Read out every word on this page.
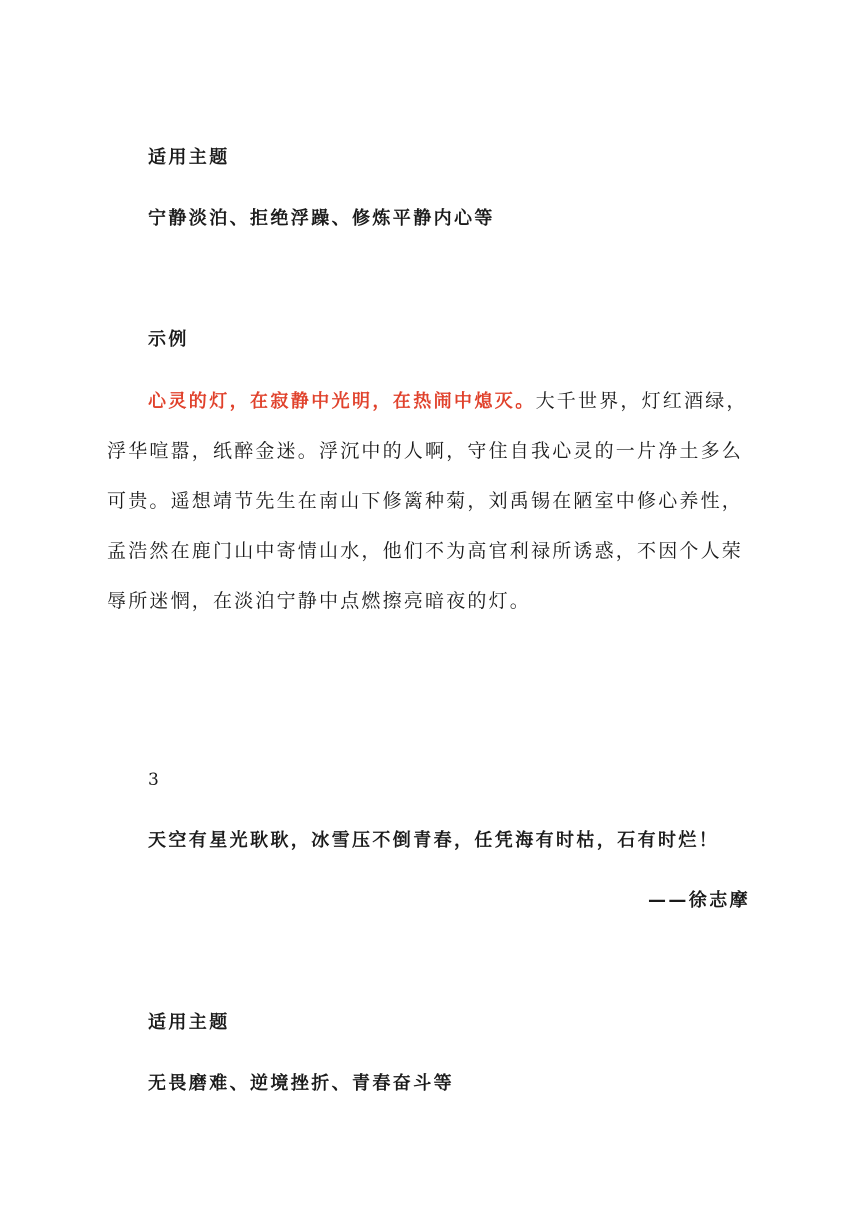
适用主题
宁静淡泊、拒绝浮躁、修炼平静内心等
示例
心灵的灯，在寂静中光明，在热闹中熄灭。大千世界，灯红酒绿，
浮华喧嚣，纸醉金迷。浮沉中的人啊，守住自我心灵的一片净土多么
可贵。遥想靖节先生在南山下修篱种菊，刘禹锡在陋室中修心养性，
孟浩然在鹿门山中寄情山水，他们不为高官利禄所诱惑，不因个人荣
辱所迷惘，在淡泊宁静中点燃擦亮暗夜的灯。
3
天空有星光耿耿，冰雪压不倒青春，任凭海有时枯，石有时烂！
——徐志摩
适用主题
无畏磨难、逆境挫折、青春奋斗等
